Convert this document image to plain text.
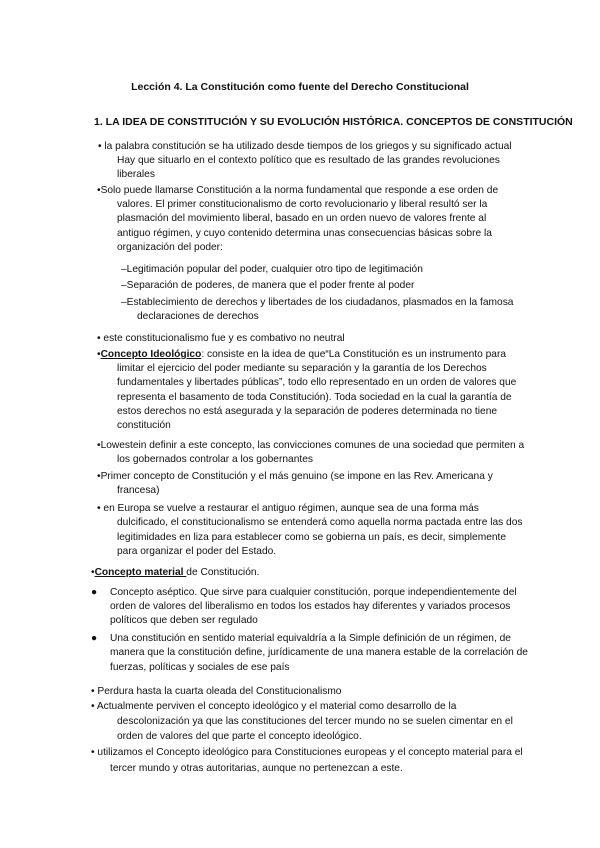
Lección 4. La Constitución como fuente del Derecho Constitucional
1. LA IDEA DE CONSTITUCIÓN Y SU EVOLUCIÓN HISTÓRICA. CONCEPTOS DE CONSTITUCIÓN
• la palabra constitución se ha utilizado desde tiempos de los griegos y su significado actual
Hay que situarlo en el contexto político que es resultado de las grandes revoluciones
liberales
•Solo puede llamarse Constitución a la norma fundamental que responde a ese orden de
valores. El primer constitucionalismo de corto revolucionario y liberal resultó ser la
plasmación del movimiento liberal, basado en un orden nuevo de valores frente al
antiguo régimen, y cuyo contenido determina unas consecuencias básicas sobre la
organización del poder:
–Legitimación popular del poder, cualquier otro tipo de legitimación
–Separación de poderes, de manera que el poder frente al poder
–Establecimiento de derechos y libertades de los ciudadanos, plasmados en la famosa
declaraciones de derechos
• este constitucionalismo fue y es combativo no neutral
•Concepto Ideológico: consiste en la idea de que“La Constitución es un instrumento para
limitar el ejercicio del poder mediante su separación y la garantía de los Derechos
fundamentales y libertades públicas”, todo ello representado en un orden de valores que
representa el basamento de toda Constitución). Toda sociedad en la cual la garantía de
estos derechos no está asegurada y la separación de poderes determinada no tiene
constitución
•Lowestein definir a este concepto, las convicciones comunes de una sociedad que permiten a
los gobernados controlar a los gobernantes
•Primer concepto de Constitución y el más genuino (se impone en las Rev. Americana y
francesa)
• en Europa se vuelve a restaurar el antiguo régimen, aunque sea de una forma más
dulcificado, el constitucionalismo se entenderá como aquella norma pactada entre las dos
legitimidades en liza para establecer como se gobierna un país, es decir, simplemente
para organizar el poder del Estado.
•Concepto material de Constitución.
● Concepto aséptico. Que sirve para cualquier constitución, porque independientemente del
orden de valores del liberalismo en todos los estados hay diferentes y variados procesos
políticos que deben ser regulado
● Una constitución en sentido material equivaldría a la Simple definición de un régimen, de
manera que la constitución define, jurídicamente de una manera estable de la correlación de
fuerzas, políticas y sociales de ese país
• Perdura hasta la cuarta oleada del Constitucionalismo
• Actualmente perviven el concepto ideológico y el material como desarrollo de la
descolonización ya que las constituciones del tercer mundo no se suelen cimentar en el
orden de valores del que parte el concepto ideológico.
• utilizamos el Concepto ideológico para Constituciones europeas y el concepto material para el
tercer mundo y otras autoritarias, aunque no pertenezcan a este.
